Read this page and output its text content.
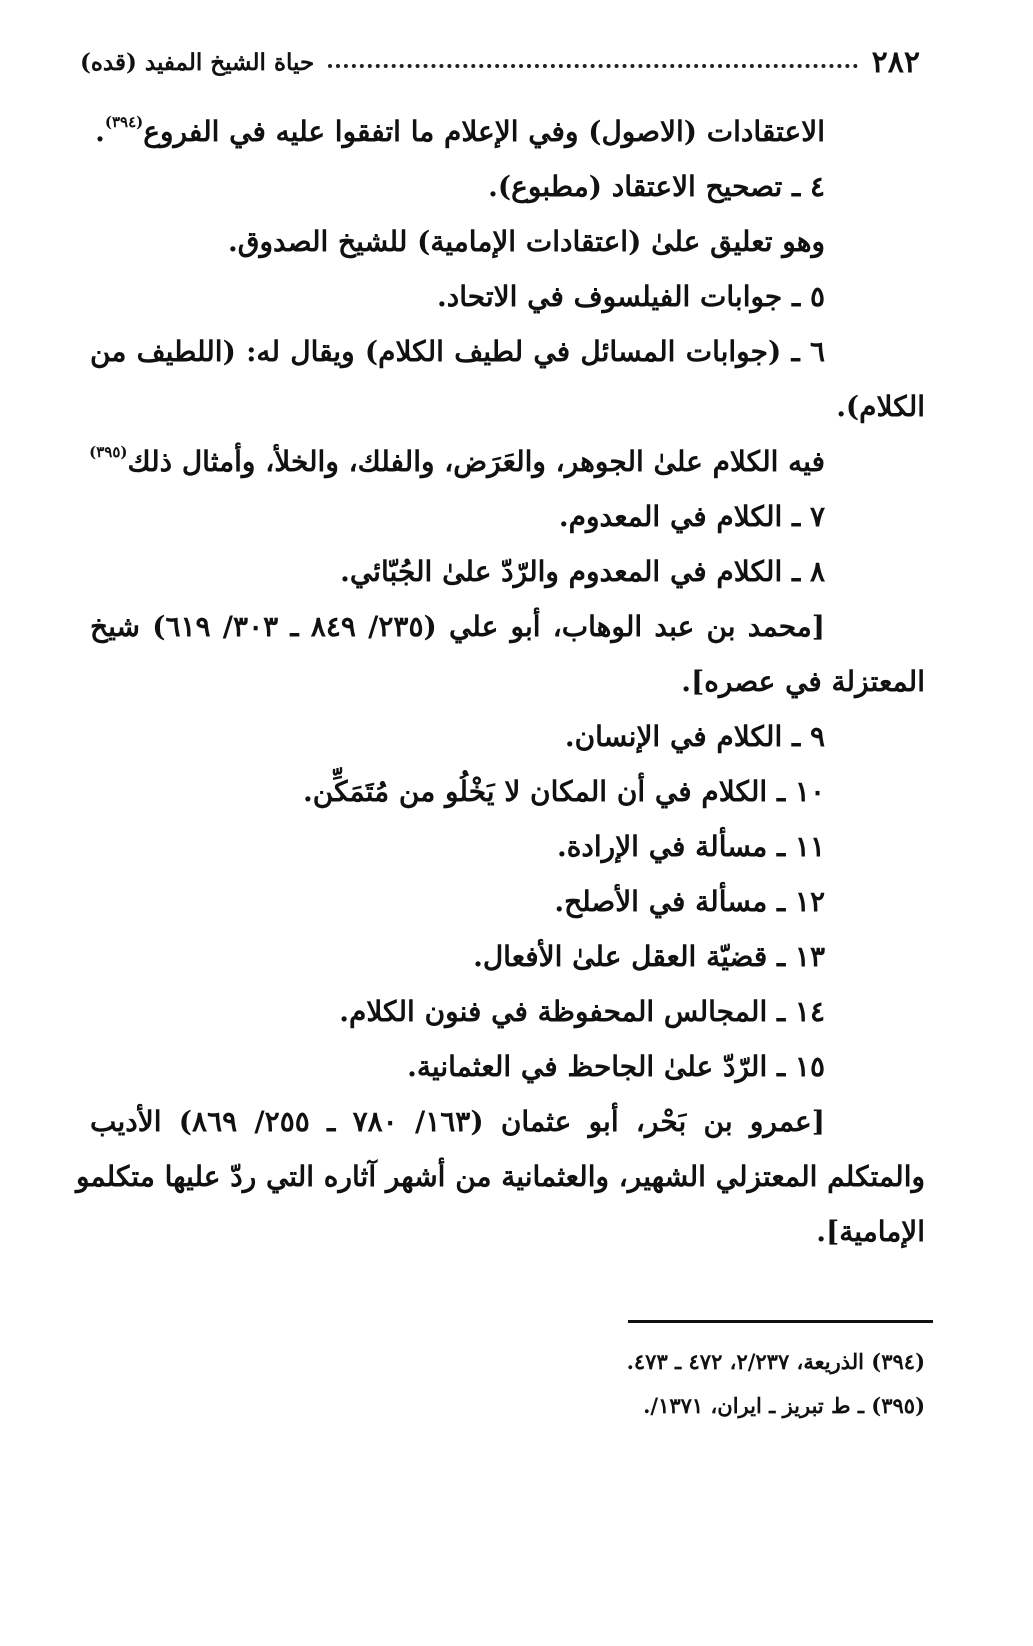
٢٨٢
حياة الشيخ المفيد (قده)
الاعتقادات (الاصول) وفي الإعلام ما اتفقوا عليه في الفروع$^{(٣٩٤)}$.
٤ ـ تصحيح الاعتقاد (مطبوع).
وهو تعليق علىٰ (اعتقادات الإمامية) للشيخ الصدوق.
٥ ـ جوابات الفيلسوف في الاتحاد.
٦ ـ (جوابات المسائل في لطيف الكلام) ويقال له: (اللطيف من
الكلام).
فيه الكلام علىٰ الجوهر، والعَرَض، والفلك، والخلأ، وأمثال ذلك$^{(٣٩٥)}$
٧ ـ الكلام في المعدوم.
٨ ـ الكلام في المعدوم والرّدّ علىٰ الجُبّائي.
[محمد بن عبد الوهاب، أبو علي (٢٣٥/ ٨٤٩ ـ ٣٠٣/ ٦١٩) شيخ
المعتزلة في عصره].
٩ ـ الكلام في الإنسان.
١٠ ـ الكلام في أن المكان لا يَخْلُو من مُتَمَكِّن.
١١ ـ مسألة في الإرادة.
١٢ ـ مسألة في الأصلح.
١٣ ـ قضيّة العقل علىٰ الأفعال.
١٤ ـ المجالس المحفوظة في فنون الكلام.
١٥ ـ الرّدّ علىٰ الجاحظ في العثمانية.
[عمرو بن بَحْر، أبو عثمان (١٦٣/ ٧٨٠ ـ ٢٥٥/ ٨٦٩) الأديب
والمتكلم المعتزلي الشهير، والعثمانية من أشهر آثاره التي ردّ عليها متكلمو
الإمامية].
(٣٩٤) الذريعة، ٢/٢٣٧، ٤٧٢ ـ ٤٧٣.
(٣٩٥) ـ ط تبريز ـ ايران، ١٣٧١/.
